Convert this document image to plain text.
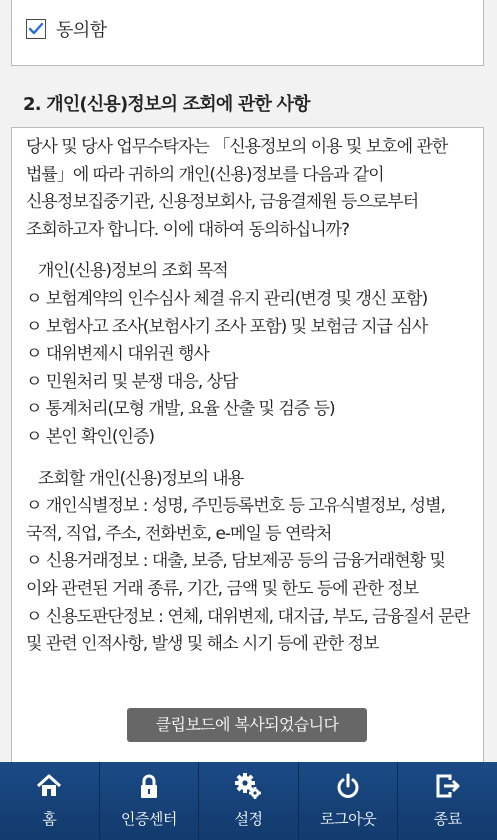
동의함
2. 개인(신용)정보의 조회에 관한 사항

당사 및 당사 업무수탁자는 「신용정보의 이용 및 보호에 관한 법률」에 따라 귀하의 개인(신용)정보를 다음과 같이 신용정보집중기관, 신용정보회사, 금융결제원 등으로부터 조회하고자 합니다. 이에 대하여 동의하십니까?

개인(신용)정보의 조회 목적

ㅇ 보험계약의 인수심사 체결 유지 관리(변경 및 갱신 포함)

ㅇ 보험사고 조사(보험사기 조사 포함) 및 보험금 지급 심사

ㅇ 대위변제시 대위권 행사

ㅇ 민원처리 및 분쟁 대응, 상담

ㅇ 통계처리(모형 개발, 요율 산출 및 검증 등)

ㅇ 본인 확인(인증)

조회할 개인(신용)정보의 내용

ㅇ 개인식별정보 : 성명, 주민등록번호 등 고유식별정보, 성별, 국적, 직업, 주소, 전화번호, e-메일 등 연락처

ㅇ 신용거래정보 : 대출, 보증, 담보제공 등의 금융거래현황 및 이와 관련된 거래 종류, 기간, 금액 및 한도 등에 관한 정보

ㅇ 신용도판단정보 : 연체, 대위변제, 대지급, 부도, 금융질서 문란 및 관련 인적사항, 발생 및 해소 시기 등에 관한 정보

클립보드에 복사되었습니다
홈	인증센터	설정	로그아웃	종료
